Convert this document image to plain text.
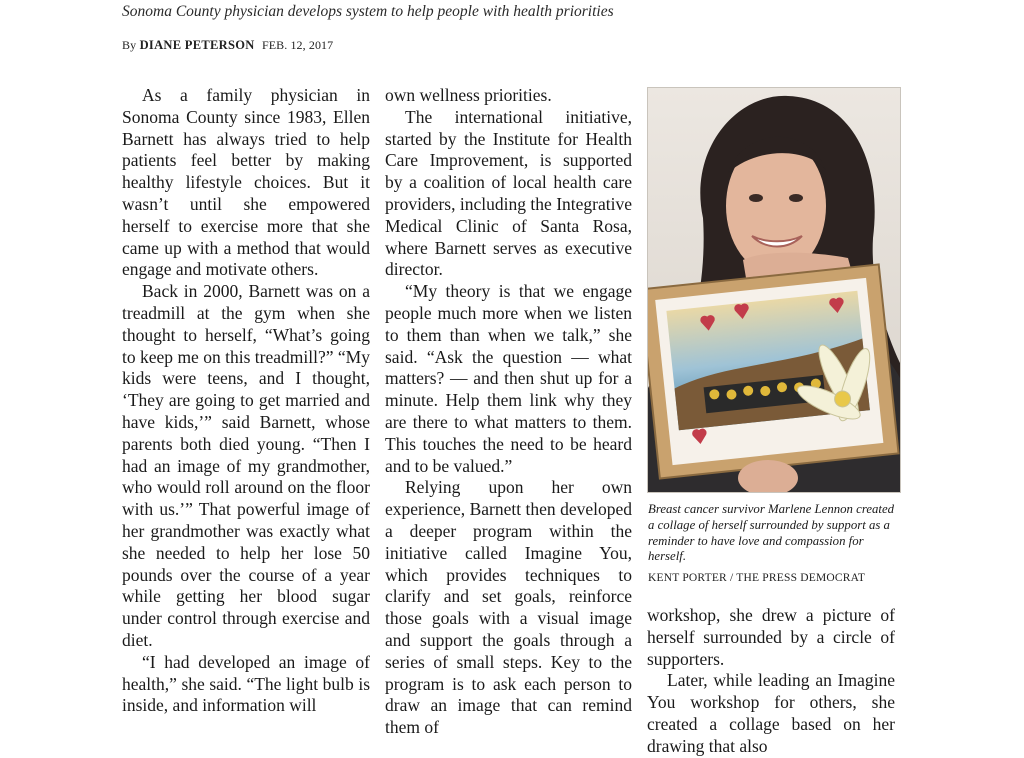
Sonoma County physician develops system to help people with health priorities
By DIANE PETERSON FEB. 12, 2017

As a family physician in Sonoma County since 1983, Ellen Barnett has always tried to help patients feel better by making healthy lifestyle choices. But it wasn’t until she empowered herself to exercise more that she came up with a method that would engage and motivate others.

Back in 2000, Barnett was on a treadmill at the gym when she thought to herself, “What’s going to keep me on this treadmill?” “My kids were teens, and I thought, ‘They are going to get married and have kids,’” said Barnett, whose parents both died young. “Then I had an image of my grandmother, who would roll around on the floor with us.’” That powerful image of her grandmother was exactly what she needed to help her lose 50 pounds over the course of a year while getting her blood sugar under control through exercise and diet.

“I had developed an image of health,” she said. “The light bulb is inside, and information will

own wellness priorities.

The international initiative, started by the Institute for Health Care Improvement, is supported by a coalition of local health care providers, including the Integrative Medical Clinic of Santa Rosa, where Barnett serves as executive director.

“My theory is that we engage people much more when we listen to them than when we talk,” she said. “Ask the question — what matters? — and then shut up for a minute. Help them link why they are there to what matters to them. This touches the need to be heard and to be valued.”

Relying upon her own experience, Barnett then developed a deeper program within the initiative called Imagine You, which provides techniques to clarify and set goals, reinforce those goals with a visual image and support the goals through a series of small steps. Key to the program is to ask each person to draw an image that can remind them of

Breast cancer survivor Marlene Lennon created a collage of herself surrounded by support as a reminder to have love and compassion for herself.
KENT PORTER / THE PRESS DEMOCRAT

workshop, she drew a picture of herself surrounded by a circle of supporters.

Later, while leading an Imagine You workshop for others, she created a collage based on her drawing that also
